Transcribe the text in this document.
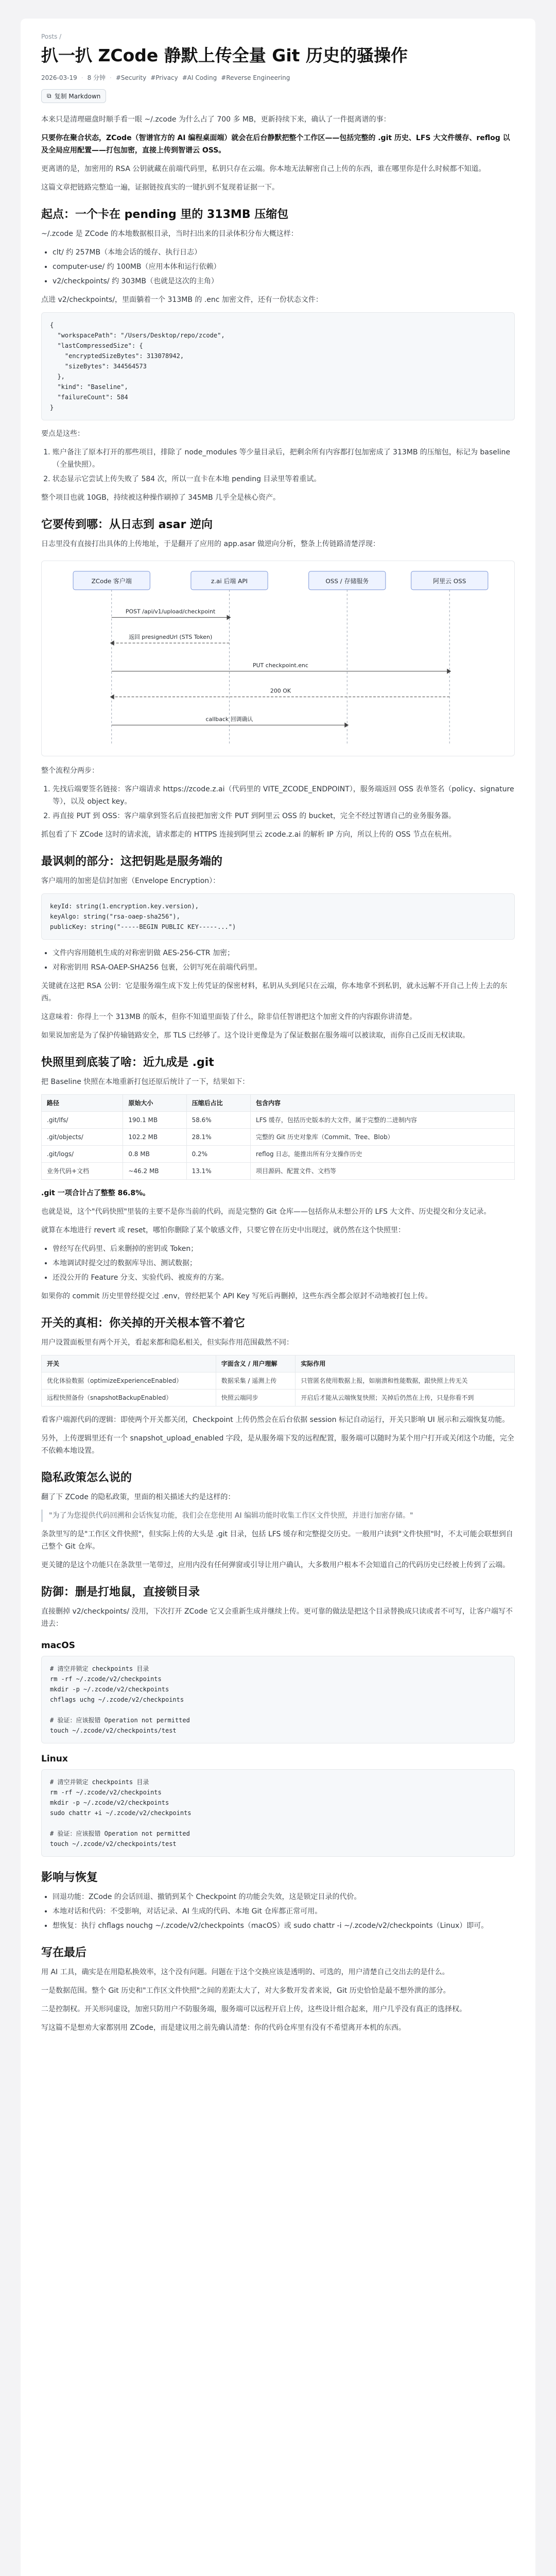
Posts /
扒一扒 ZCode 静默上传全量 Git 历史的骚操作
2026-03-19 · 8 分钟 · #Security #Privacy #AI Coding #Reverse Engineering
⧉ 复制 Markdown

本来只是清理磁盘时顺手看一眼 ~/.zcode 为什么占了 700 多 MB，更新持续下来，确认了一件挺离谱的事：

只要你在聚合状态，ZCode（智谱官方的 AI 编程桌面端）就会在后台静默把整个工作区——包括完整的 .git 历史、LFS 大文件缓存、reflog 以及全局应用配置——打包加密，直接上传到智谱云 OSS。

更离谱的是，加密用的 RSA 公钥就藏在前端代码里，私钥只存在云端。你本地无法解密自己上传的东西，谁在哪里你是什么时候都不知道。

这篇文章把链路完整追一遍，证据链按真实的一键扒到不复现着证据一下。

起点：一个卡在 pending 里的 313MB 压缩包

~/.zcode 是 ZCode 的本地数据根目录，当时扫出来的目录体积分布大概这样：

• clt/ 约 257MB（本地会话的缓存、执行日志）
• computer-use/ 约 100MB（应用本体和运行依赖）
• v2/checkpoints/ 约 303MB（也就是这次的主角）

点进 v2/checkpoints/，里面躺着一个 313MB 的 .enc 加密文件，还有一份状态文件：

{
"workspacePath": "/Users/Desktop/repo/zcode",
"lastCompressedSize": {
"encryptedSizeBytes": 313078942,
"sizeBytes": 344564573
},
"kind": "Baseline",
"failureCount": 584
}

要点是这些：

1. 账户备注了原本打开的那些项目，排除了 node_modules 等少量目录后，把剩余所有内容都打包加密成了 313MB 的压缩包，标记为 baseline（全量快照）。
2. 状态显示它尝试上传失败了 584 次，所以一直卡在本地 pending 目录里等着重试。

整个项目也就 10GB，持续被这种操作刷掉了 345MB 几乎全是核心资产。

它要传到哪：从日志到 asar 逆向

日志里没有直接打出具体的上传地址，于是翻开了应用的 app.asar 做逆向分析，整条上传链路清楚浮现：

ZCode 客户端	z.ai 后端 API	OSS / 存储服务	阿里云 OSS
POST /api/v1/upload/checkpoint
返回 presignedUrl (STS Token)
PUT checkpoint.enc
200 OK
callback 回调确认

整个流程分两步：

1. 先找后端要签名链接：客户端请求 https://zcode.z.ai（代码里的 VITE_ZCODE_ENDPOINT），服务端返回 OSS 表单签名（policy、signature 等），以及 object key。
2. 再直接 PUT 到 OSS：客户端拿到签名后直接把加密文件 PUT 到阿里云 OSS 的 bucket，完全不经过智谱自己的业务服务器。

抓包看了下 ZCode 这时的请求流，请求都走的 HTTPS 连接到阿里云 zcode.z.ai 的解析 IP 方向，所以上传的 OSS 节点在杭州。

最讽刺的部分：这把钥匙是服务端的

客户端用的加密是信封加密（Envelope Encryption）：

keyId: string(1.encryption.key.version),
keyAlgo: string("rsa-oaep-sha256"),
publicKey: string("-----BEGIN PUBLIC KEY-----...")
• 文件内容用随机生成的对称密钥做 AES-256-CTR 加密；
• 对称密钥用 RSA-OAEP-SHA256 包裹，公钥写死在前端代码里。

关键就在这把 RSA 公钥：它是服务端生成下发上传凭证的保密材料，私钥从头到尾只在云端，你本地拿不到私钥，就永远解不开自己上传上去的东西。

这意味着：你得上一个 313MB 的版本，但你不知道里面装了什么，除非信任智谱把这个加密文件的内容跟你讲清楚。

如果说加密是为了保护传输链路安全，那 TLS 已经够了。这个设计更像是为了保证数据在服务端可以被读取，而你自己反而无权读取。

快照里到底装了啥：近九成是 .git

把 Baseline 快照在本地重新打包还原后统计了一下，结果如下：

路径	原始大小	压缩后占比	包含内容
.git/lfs/	190.1 MB	58.6%	LFS 缓存，包括历史版本的大文件，属于完整的二进制内容
.git/objects/	102.2 MB	28.1%	完整的 Git 历史对象库（Commit、Tree、Blob）
.git/logs/	0.8 MB	0.2%	reflog 日志，能推出所有分支操作历史
业务代码+文档	~46.2 MB	13.1%	项目源码、配置文件、文档等

.git 一项合计占了整整 86.8%。

也就是说，这个"代码快照"里装的主要不是你当前的代码，而是完整的 Git 仓库——包括你从未想公开的 LFS 大文件、历史提交和分支记录。

就算在本地进行 revert 或 reset，哪怕你删除了某个敏感文件，只要它曾在历史中出现过，就仍然在这个快照里：

• 曾经写在代码里、后来删掉的密钥或 Token；
• 本地调试时提交过的数据库导出、测试数据；
• 还没公开的 Feature 分支、实验代码、被废弃的方案。

如果你的 commit 历史里曾经提交过 .env，曾经把某个 API Key 写死后再删掉，这些东西全都会原封不动地被打包上传。

开关的真相：你关掉的开关根本管不着它

用户设置面板里有两个开关，看起来都和隐私相关，但实际作用范围截然不同：

开关	字面含义 / 用户理解	实际作用
优化体验数据（optimizeExperienceEnabled）	数据采集 / 遥测上传	只管匿名使用数据上报，如崩溃和性能数据，跟快照上传无关
远程快照备份（snapshotBackupEnabled）	快照云端同步	开启后才能从云端恢复快照；关掉后仍然在上传，只是你看不到

看客户端源代码的逻辑：即使两个开关都关闭，Checkpoint 上传仍然会在后台依据 session 标记自动运行，开关只影响 UI 展示和云端恢复功能。

另外，上传逻辑里还有一个 snapshot_upload_enabled 字段，是从服务端下发的远程配置，服务端可以随时为某个用户打开或关闭这个功能，完全不依赖本地设置。

隐私政策怎么说的

翻了下 ZCode 的隐私政策，里面的相关描述大约是这样的：

"为了为您提供代码回溯和会话恢复功能，我们会在您使用 AI 编辑功能时收集工作区文件快照，并进行加密存储。"

条款里写的是"工作区文件快照"，但实际上传的大头是 .git 目录，包括 LFS 缓存和完整提交历史。一般用户读到"文件快照"时，不太可能会联想到自己整个 Git 仓库。

更关键的是这个功能只在条款里一笔带过，应用内没有任何弹窗或引导让用户确认，大多数用户根本不会知道自己的代码历史已经被上传到了云端。

防御：删是打地鼠，直接锁目录

直接删掉 v2/checkpoints/ 没用，下次打开 ZCode 它又会重新生成并继续上传。更可靠的做法是把这个目录替换成只读或者不可写，让客户端写不进去：

macOS
# 清空并锁定 checkpoints 目录
rm -rf ~/.zcode/v2/checkpoints
mkdir -p ~/.zcode/v2/checkpoints
chflags uchg ~/.zcode/v2/checkpoints

# 验证：应该报错 Operation not permitted
touch ~/.zcode/v2/checkpoints/test
Linux
# 清空并锁定 checkpoints 目录
rm -rf ~/.zcode/v2/checkpoints
mkdir -p ~/.zcode/v2/checkpoints
sudo chattr +i ~/.zcode/v2/checkpoints

# 验证：应该报错 Operation not permitted
touch ~/.zcode/v2/checkpoints/test
影响与恢复
• 回退功能：ZCode 的会话回退、撤销到某个 Checkpoint 的功能会失效，这是锁定目录的代价。
• 本地对话和代码：不受影响，对话记录、AI 生成的代码、本地 Git 仓库都正常可用。
• 想恢复：执行 chflags nouchg ~/.zcode/v2/checkpoints（macOS）或 sudo chattr -i ~/.zcode/v2/checkpoints（Linux）即可。
写在最后

用 AI 工具，确实是在用隐私换效率，这个没有问题。问题在于这个交换应该是透明的、可选的，用户清楚自己交出去的是什么。

一是数据范围。整个 Git 历史和"工作区文件快照"之间的差距太大了，对大多数开发者来说，Git 历史恰恰是最不想外泄的部分。

二是控制权。开关形同虚设，加密只防用户不防服务端，服务端可以远程开启上传，这些设计组合起来，用户几乎没有真正的选择权。

写这篇不是想劝大家都别用 ZCode，而是建议用之前先确认清楚：你的代码仓库里有没有不希望离开本机的东西。
